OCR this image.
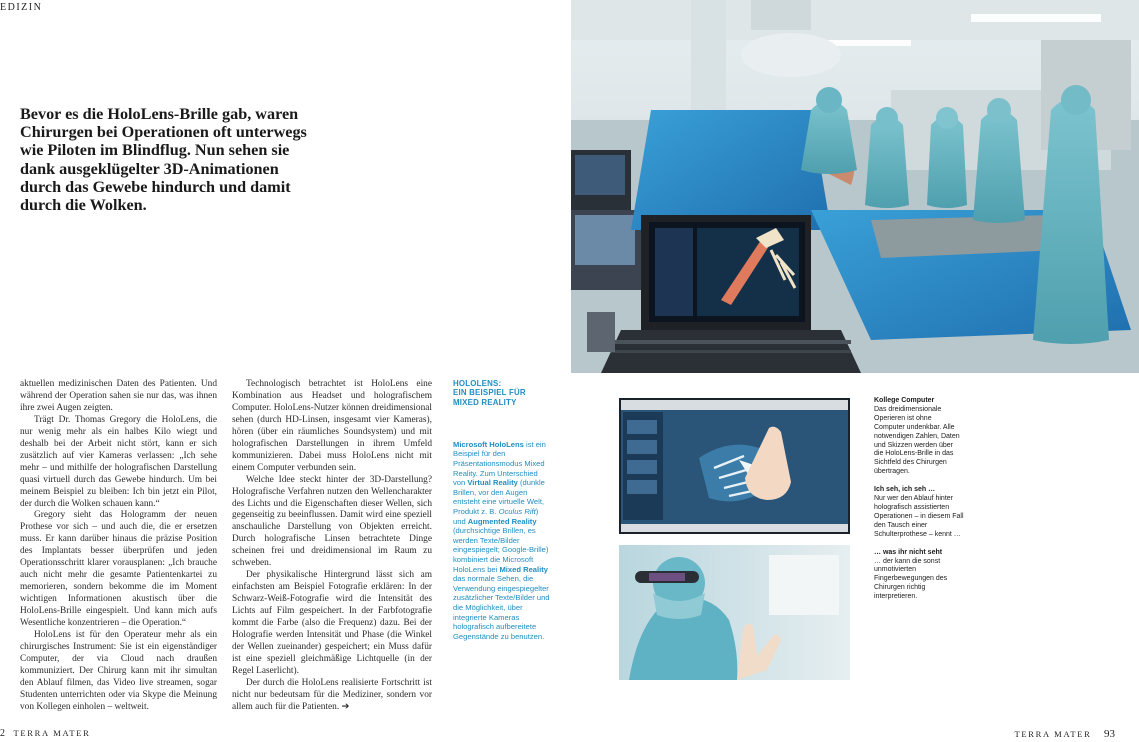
EDIZIN
Bevor es die HoloLens-Brille gab, waren Chirurgen bei Operationen oft unterwegs wie Piloten im Blindflug. Nun sehen sie dank ausgeklügelter 3D-Animationen durch das Gewebe hindurch und damit durch die Wolken.

aktuellen medizinischen Daten des Patienten. Und während der Operation sahen sie nur das, was ihnen ihre zwei Augen zeigten.

Trägt Dr. Thomas Gregory die HoloLens, die nur wenig mehr als ein halbes Kilo wiegt und deshalb bei der Arbeit nicht stört, kann er sich zusätzlich auf vier Kameras verlassen: „Ich sehe mehr – und mithilfe der holografischen Darstellung quasi virtuell durch das Gewebe hindurch. Um bei meinem Beispiel zu bleiben: Ich bin jetzt ein Pilot, der durch die Wolken schauen kann.“

Gregory sieht das Hologramm der neuen Prothese vor sich – und auch die, die er ersetzen muss. Er kann darüber hinaus die präzise Position des Implantats besser überprüfen und jeden Operationsschritt klarer vorausplanen: „Ich brauche auch nicht mehr die gesamte Patientenkartei zu memorieren, sondern bekomme die im Moment wichtigen Informationen akustisch über die HoloLens-Brille eingespielt. Und kann mich aufs Wesentliche konzentrieren – die Operation.“

HoloLens ist für den Operateur mehr als ein chirurgisches Instrument: Sie ist ein eigenständiger Computer, der via Cloud nach draußen kommuniziert. Der Chirurg kann mit ihr simultan den Ablauf filmen, das Video live streamen, sogar Studenten unterrichten oder via Skype die Meinung von Kollegen einholen – weltweit.

Technologisch betrachtet ist HoloLens eine Kombination aus Headset und holografischem Computer. HoloLens-Nutzer können dreidimensional sehen (durch HD-Linsen, insgesamt vier Kameras), hören (über ein räumliches Soundsystem) und mit holografischen Darstellungen in ihrem Umfeld kommunizieren. Dabei muss HoloLens nicht mit einem Computer verbunden sein.

Welche Idee steckt hinter der 3D-Darstellung? Holografische Verfahren nutzen den Wellencharakter des Lichts und die Eigenschaften dieser Wellen, sich gegenseitig zu beeinflussen. Damit wird eine speziell anschauliche Darstellung von Objekten erreicht. Durch holografische Linsen betrachtete Dinge scheinen frei und dreidimensional im Raum zu schweben.

Der physikalische Hintergrund lässt sich am einfachsten am Beispiel Fotografie erklären: In der Schwarz-Weiß-Fotografie wird die Intensität des Lichts auf Film gespeichert. In der Farbfotografie kommt die Farbe (also die Frequenz) dazu. Bei der Holografie werden Intensität und Phase (die Winkel der Wellen zueinander) gespeichert; ein Muss dafür ist eine speziell gleichmäßige Lichtquelle (in der Regel Laserlicht).

Der durch die HoloLens realisierte Fortschritt ist nicht nur bedeutsam für die Mediziner, sondern vor allem auch für die Patienten. ➔

HOLOLENS:
EIN BEISPIEL FÜR
MIXED REALITY
Microsoft HoloLens ist ein Beispiel für den Präsentationsmodus Mixed Reality. Zum Unterschied von Virtual Reality (dunkle Brillen, vor den Augen entsteht eine virtuelle Welt, Produkt z. B. Oculus Rift) und Augmented Reality (durchsichtige Brillen, es werden Texte/Bilder eingespiegelt; Google-Brille) kombiniert die Microsoft HoloLens bei Mixed Reality das normale Sehen, die Verwendung eingespiegelter zusätzlicher Texte/Bilder und die Möglichkeit, über integrierte Kameras holografisch aufbereitete Gegenstände zu benutzen.
Kollege Computer
Das dreidimensionale Operieren ist ohne Computer undenkbar. Alle notwendigen Zahlen, Daten und Skizzen werden über die HoloLens-Brille in das Sichtfeld des Chirurgen übertragen.
Ich seh, ich seh …
Nur wer den Ablauf hinter holografisch assistierten Operationen – in diesem Fall den Tausch einer Schulterprothese – kennt …
… was ihr nicht seht
… der kann die sonst unmotivierten Fingerbewegungen des Chirurgen richtig interpretieren.
2 TERRA MATER	TERRA MATER 93
